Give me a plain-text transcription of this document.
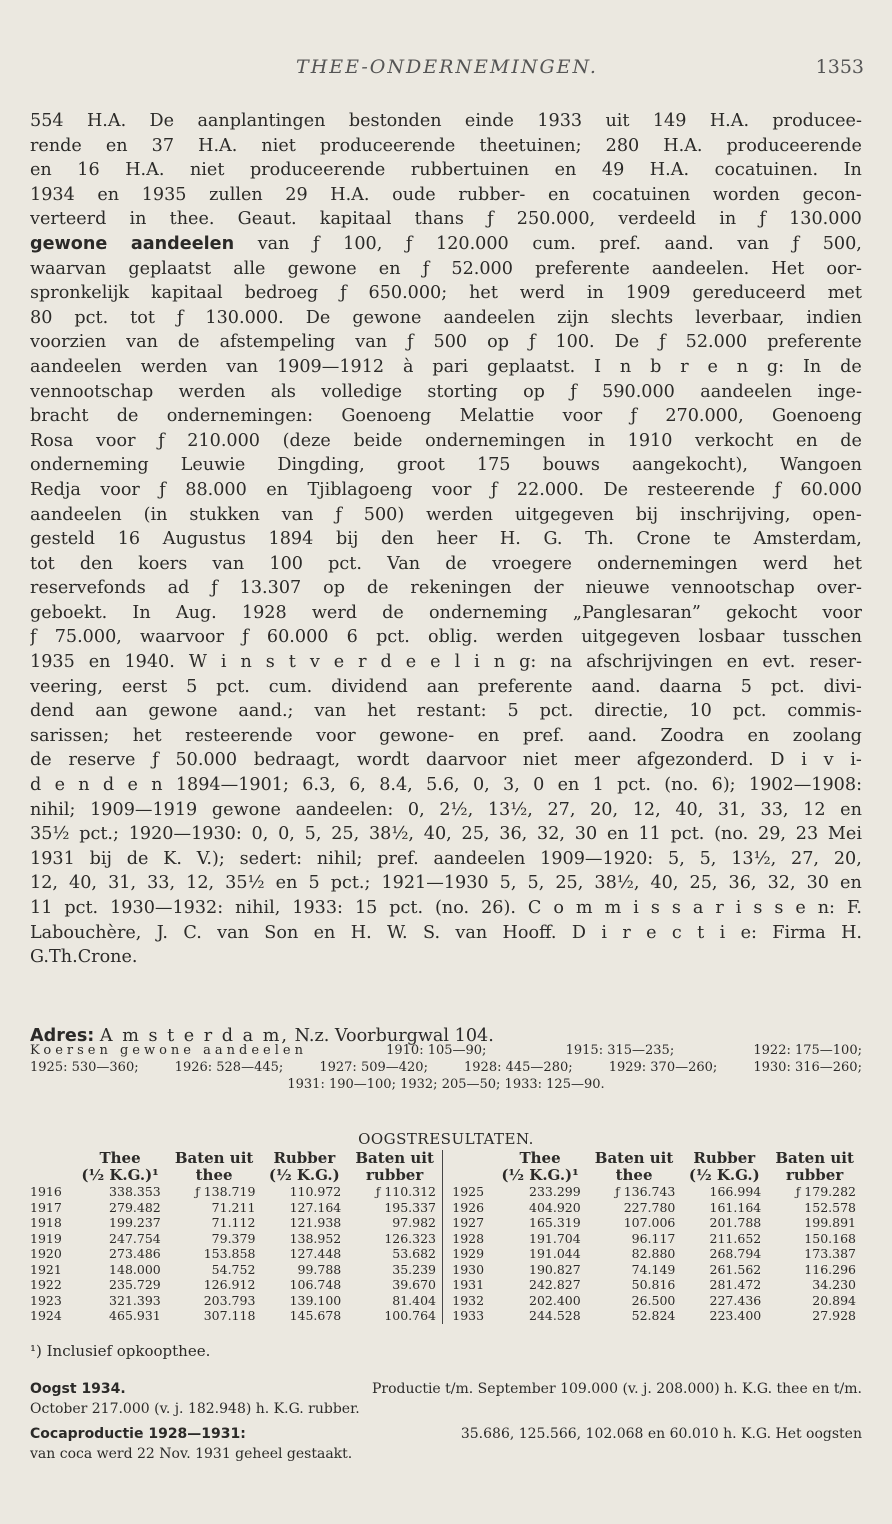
THEE-ONDERNEMINGEN.	1353
554 H.A. De aanplantingen bestonden einde 1933 uit 149 H.A. producee-
rende en 37 H.A. niet produceerende theetuinen; 280 H.A. produceerende
en 16 H.A. niet produceerende rubbertuinen en 49 H.A. cocatuinen. In
1934 en 1935 zullen 29 H.A. oude rubber- en cocatuinen worden gecon-
verteerd in thee. Geaut. kapitaal thans ƒ 250.000, verdeeld in ƒ 130.000
gewone aandeelen van ƒ 100, ƒ 120.000 cum. pref. aand. van ƒ 500,
waarvan geplaatst alle gewone en ƒ 52.000 preferente aandeelen. Het oor-
spronkelijk kapitaal bedroeg ƒ 650.000; het werd in 1909 gereduceerd met
80 pct. tot ƒ 130.000. De gewone aandeelen zijn slechts leverbaar, indien
voorzien van de afstempeling van ƒ 500 op ƒ 100. De ƒ 52.000 preferente
aandeelen werden van 1909—1912 à pari geplaatst. I n b r e n g: In de
vennootschap werden als volledige storting op ƒ 590.000 aandeelen inge-
bracht de ondernemingen: Goenoeng Melattie voor ƒ 270.000, Goenoeng
Rosa voor ƒ 210.000 (deze beide ondernemingen in 1910 verkocht en de
onderneming Leuwie Dingding, groot 175 bouws aangekocht), Wangoen
Redja voor ƒ 88.000 en Tjiblagoeng voor ƒ 22.000. De resteerende ƒ 60.000
aandeelen (in stukken van ƒ 500) werden uitgegeven bij inschrijving, open-
gesteld 16 Augustus 1894 bij den heer H. G. Th. Crone te Amsterdam,
tot den koers van 100 pct. Van de vroegere ondernemingen werd het
reservefonds ad ƒ 13.307 op de rekeningen der nieuwe vennootschap over-
geboekt. In Aug. 1928 werd de onderneming „Panglesaran” gekocht voor
ƒ 75.000, waarvoor ƒ 60.000 6 pct. oblig. werden uitgegeven losbaar tusschen
1935 en 1940. W i n s t v e r d e e l i n g: na afschrijvingen en evt. reser-
veering, eerst 5 pct. cum. dividend aan preferente aand. daarna 5 pct. divi-
dend aan gewone aand.; van het restant: 5 pct. directie, 10 pct. commis-
sarissen; het resteerende voor gewone- en pref. aand. Zoodra en zoolang
de reserve ƒ 50.000 bedraagt, wordt daarvoor niet meer afgezonderd. D i v i-
d e n d e n 1894—1901; 6.3, 6, 8.4, 5.6, 0, 3, 0 en 1 pct. (no. 6); 1902—1908:
nihil; 1909—1919 gewone aandeelen: 0, 2½, 13½, 27, 20, 12, 40, 31, 33, 12 en
35½ pct.; 1920—1930: 0, 0, 5, 25, 38½, 40, 25, 36, 32, 30 en 11 pct. (no. 29, 23 Mei
1931 bij de K. V.); sedert: nihil; pref. aandeelen 1909—1920: 5, 5, 13½, 27, 20,
12, 40, 31, 33, 12, 35½ en 5 pct.; 1921—1930 5, 5, 25, 38½, 40, 25, 36, 32, 30 en
11 pct. 1930—1932: nihil, 1933: 15 pct. (no. 26). C o m m i s s a r i s s e n: F.
Labouchère, J. C. van Son en H. W. S. van Hooff. D i r e c t i e: Firma H.
G. Th. Crone.
Koersen gewone aandeelen	1910: 105—90;	1915: 315—235;	1922: 175—100;
1925: 530—360;	1926: 528—445;	1927: 509—420;	1928: 445—280;	1929: 370—260;	1930: 316—260;
1931: 190—100; 1932; 205—50; 1933: 125—90.
OOGSTRESULTATEN.
	Thee	Baten uit	Rubber	Baten uit		Thee	Baten uit	Rubber	Baten uit
	(½ K.G.)¹	thee	(½ K.G.)	rubber		(½ K.G.)¹	thee	(½ K.G.)	rubber
1916	338.353	ƒ 138.719	110.972	ƒ 110.312	1925	233.299	ƒ 136.743	166.994	ƒ 179.282
1917	279.482	71.211	127.164	195.337	1926	404.920	227.780	161.164	152.578
1918	199.237	71.112	121.938	97.982	1927	165.319	107.006	201.788	199.891
1919	247.754	79.379	138.952	126.323	1928	191.704	96.117	211.652	150.168
1920	273.486	153.858	127.448	53.682	1929	191.044	82.880	268.794	173.387
1921	148.000	54.752	99.788	35.239	1930	190.827	74.149	261.562	116.296
1922	235.729	126.912	106.748	39.670	1931	242.827	50.816	281.472	34.230
1923	321.393	203.793	139.100	81.404	1932	202.400	26.500	227.436	20.894
1924	465.931	307.118	145.678	100.764	1933	244.528	52.824	223.400	27.928
¹) Inclusief opkoopthee.
Oogst 1934.	Productie t/m. September 109.000 (v. j. 208.000) h. K.G. thee en t/m.
October 217.000 (v. j. 182.948) h. K.G. rubber.
Cocaproductie 1928—1931:	35.686, 125.566, 102.068 en 60.010 h. K.G. Het oogsten
van coca werd 22 Nov. 1931 geheel gestaakt.
Adres: A m s t e r d a m, N.z. Voorburgwal 104.
